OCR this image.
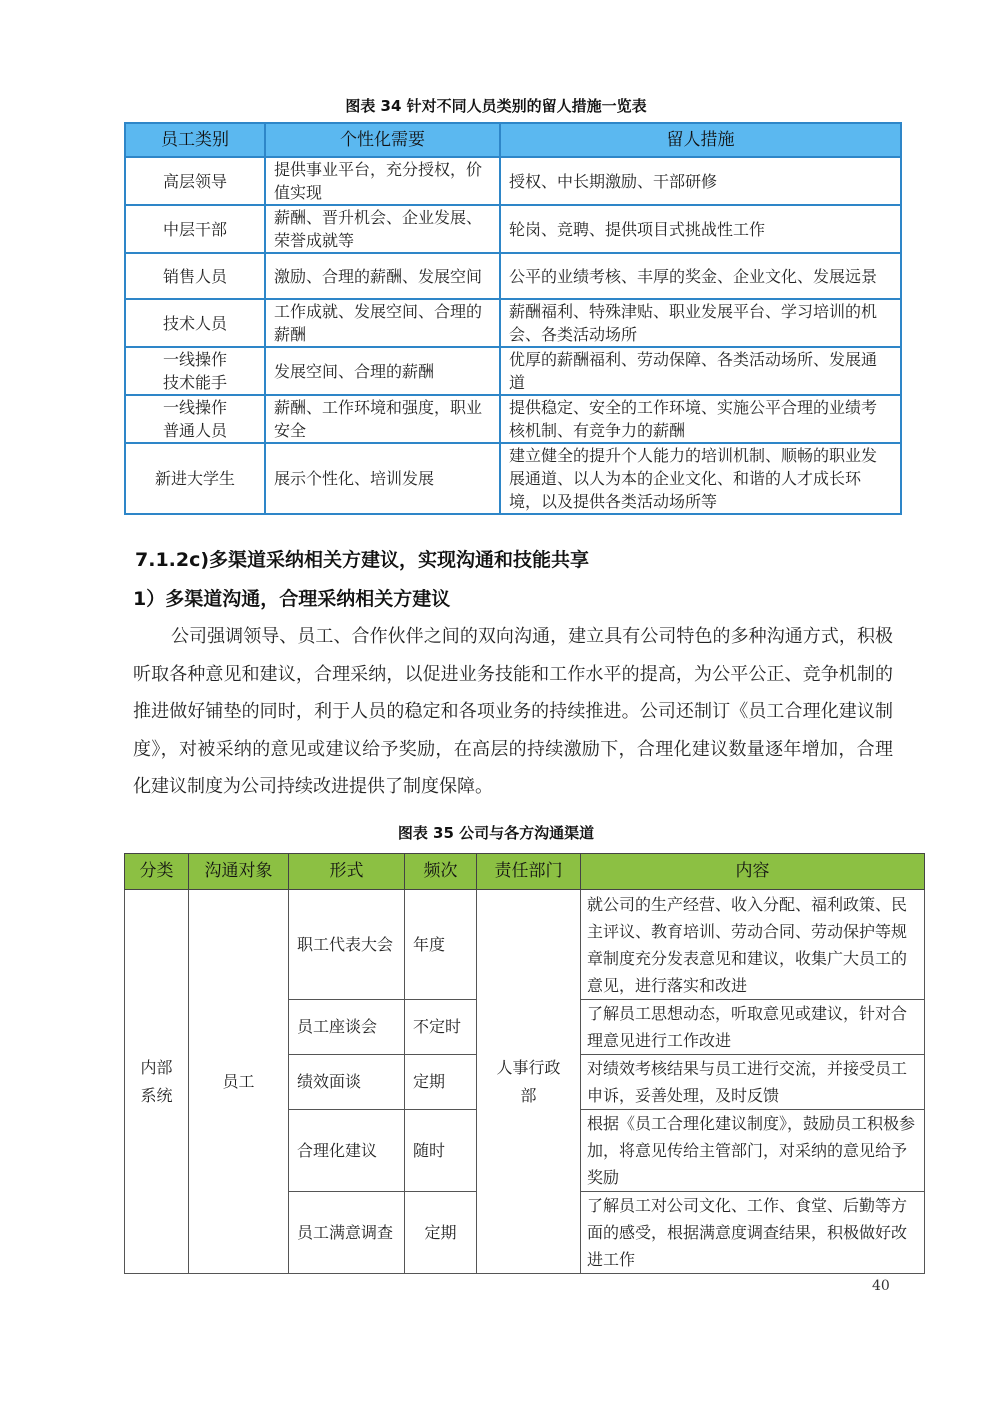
图表 34 针对不同人员类别的留人措施一览表
员工类别	个性化需要	留人措施
高层领导	提供事业平台，充分授权，价值实现	授权、中长期激励、干部研修
中层干部	薪酬、晋升机会、企业发展、荣誉成就等	轮岗、竞聘、提供项目式挑战性工作
销售人员	激励、合理的薪酬、发展空间	公平的业绩考核、丰厚的奖金、企业文化、发展远景
技术人员	工作成就、发展空间、合理的薪酬	薪酬福利、特殊津贴、职业发展平台、学习培训的机会、各类活动场所
一线操作技术能手	发展空间、合理的薪酬	优厚的薪酬福利、劳动保障、各类活动场所、发展通道
一线操作普通人员	薪酬、工作环境和强度，职业安全	提供稳定、安全的工作环境、实施公平合理的业绩考核机制、有竞争力的薪酬
新进大学生	展示个性化、培训发展	建立健全的提升个人能力的培训机制、顺畅的职业发展通道、以人为本的企业文化、和谐的人才成长环境，以及提供各类活动场所等
7.1.2c)多渠道采纳相关方建议，实现沟通和技能共享
1）多渠道沟通，合理采纳相关方建议
公司强调领导、员工、合作伙伴之间的双向沟通，建立具有公司特色的多种沟通方式，积极听取各种意见和建议，合理采纳，以促进业务技能和工作水平的提高，为公平公正、竞争机制的推进做好铺垫的同时，利于人员的稳定和各项业务的持续推进。公司还制订《员工合理化建议制度》，对被采纳的意见或建议给予奖励，在高层的持续激励下，合理化建议数量逐年增加，合理化建议制度为公司持续改进提供了制度保障。
图表 35 公司与各方沟通渠道
分类	沟通对象	形式	频次	责任部门	内容
内部系统	员工	职工代表大会	年度	人事行政部	就公司的生产经营、收入分配、福利政策、民主评议、教育培训、劳动合同、劳动保护等规章制度充分发表意见和建议，收集广大员工的意见，进行落实和改进
		员工座谈会	不定时		了解员工思想动态，听取意见或建议，针对合理意见进行工作改进
		绩效面谈	定期		对绩效考核结果与员工进行交流，并接受员工申诉，妥善处理，及时反馈
		合理化建议	随时		根据《员工合理化建议制度》，鼓励员工积极参加，将意见传给主管部门，对采纳的意见给予奖励
		员工满意调查	定期		了解员工对公司文化、工作、食堂、后勤等方面的感受，根据满意度调查结果，积极做好改进工作
40
